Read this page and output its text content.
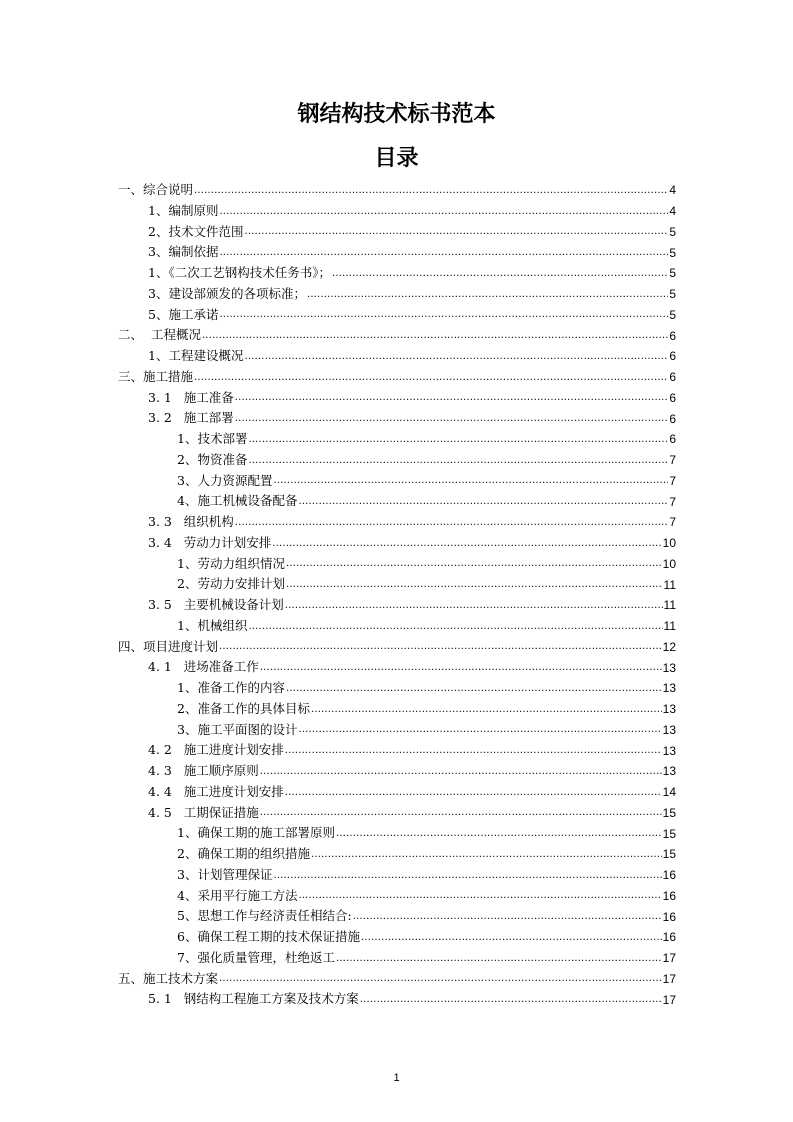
钢结构技术标书范本
目录
一、综合说明 . . .	4
1、编制原则 . . .	4
2、技术文件范围 . . .	5
3、编制依据 . . .	5
1、《二次工艺钢构技术任务书》； . . .	5
3、建设部颁发的各项标准； . . .	5
5、施工承诺 . . .	5
二、  工程概况 . . .	6
1、工程建设概况 . . .	6
三、施工措施 . . .	6
3. 1   施工准备 . . .	6
3. 2   施工部署 . . .	6
1、技术部署 . . .	6
2、物资准备 . . .	7
3、人力资源配置 . . .	7
4、施工机械设备配备 . . .	7
3. 3   组织机构 . . .	7
3. 4   劳动力计划安排 . . .	10
1、劳动力组织情况 . . .	10
2、劳动力安排计划 . . .	11
3. 5   主要机械设备计划 . . .	11
1、机械组织 . . .	11
四、项目进度计划 . . .	12
4. 1   进场准备工作 . . .	13
1、准备工作的内容 . . .	13
2、准备工作的具体目标 . . .	13
3、施工平面图的设计 . . .	13
4. 2   施工进度计划安排 . . .	13
4. 3   施工顺序原则 . . .	13
4. 4   施工进度计划安排 . . .	14
4. 5   工期保证措施 . . .	15
1、确保工期的施工部署原则 . . .	15
2、确保工期的组织措施 . . .	15
3、计划管理保证 . . .	16
4、采用平行施工方法 . . .	16
5、思想工作与经济责任相结合: . . .	16
6、确保工程工期的技术保证措施 . . .	16
7、强化质量管理，杜绝返工 . . .	17
五、施工技术方案 . . .	17
5. 1   钢结构工程施工方案及技术方案 . . .	17
1
